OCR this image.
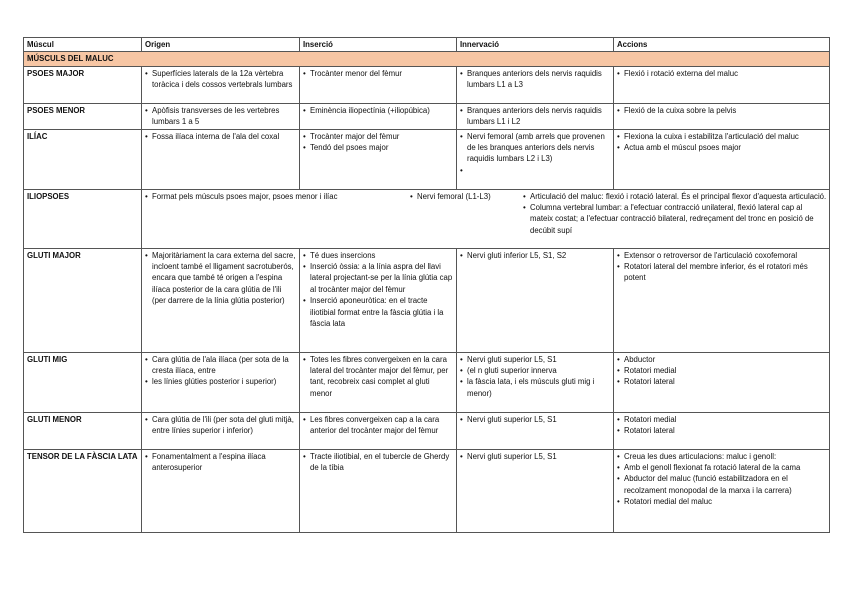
Múscul	Origen	Inserció	Innervació	Accions
MÚSCULS DEL MALUC
PSOES MAJOR	
•Superfícies laterals de la 12a vèrtebra toràcica i dels cossos vertebrals lumbars

• Trocànter menor del fèmur

•Branques anteriors dels nervis raquidis lumbars L1 a L3

• Flexió i rotació externa del maluc

PSOES MENOR	
•Apòfisis transverses de les vertebres lumbars 1 a 5

• Eminència iliopectínia (+iliopúbica)

•Branques anteriors dels nervis raquidis lumbars L1 i L2

• Flexió de la cuixa sobre la pelvis

ILÍAC	
•Fossa ilíaca interna de l'ala del coxal

•Trocànter major del fèmur
• Tendó del psoes major

• Nervi femoral (amb arrels que provenen de les branques anteriors dels nervis raquidis lumbars L2 i L3)

• Flexiona la cuixa i estabilitza l'articulació del maluc
• Actua amb el múscul psoes major

ILIOPSOES	
•	Format pels músculs psoes major, psoes menor i ilíac

•Nervi femoral (L1-L3)

•Articulació del maluc: flexió i rotació lateral. És el principal flexor d'aquesta articulació.
• Columna vertebral lumbar: a l'efectuar contracció unilateral, flexió lateral cap al mateix costat; a l'efectuar contracció bilateral, redreçament del tronc en posició de decúbit supí

GLUTI MAJOR	
•Majoritàriament la cara externa del sacre, incloent també el lligament sacrotuberós, encara que també té origen a l'espina ilíaca posterior de la cara glútia de l'ili (per darrere de la línia glútia posterior)

• Té dues insercions
• Inserció òssia: a la línia aspra del llavi lateral projectant-se per la línia glútia cap al trocànter major del fèmur
• Inserció aponeuròtica: en el tracte iliotibial format entre la fàscia glútia i la fàscia lata

• Nervi gluti inferior L5, S1, S2

•Extensor o retroversor de l'articulació coxofemoral
• Rotatori lateral del membre inferior, és el rotatori més potent

GLUTI MIG	
•Cara glútia de l'ala ilíaca (per sota de la cresta ilíaca, entre
• les línies glúties posterior i superior)

• Totes les fibres convergeixen en la cara lateral del trocànter major del fèmur, per tant, recobreix casi complet al gluti menor

• Nervi gluti superior L5, S1
• (el n gluti superior innerva
• la fàscia lata, i els músculs gluti mig i menor)

• Abductor
• Rotatori medial
• Rotatori lateral

GLUTI MENOR	
•Cara glútia de l'ili (per sota del gluti mitjà, entre línies superior i inferior)

• Les fibres convergeixen cap a la cara anterior del trocànter major del fèmur

• Nervi gluti superior L5, S1

•Rotatori medial
• Rotatori lateral

TENSOR DE LA FÀSCIA LATA	
•Fonamentalment a l'espina ilíaca anterosuperior

• Tracte iliotibial, en el tubercle de Gherdy de la tíbia

• Nervi gluti superior L5, S1

•Creua les dues articulacions: maluc i genoll:
• Amb el genoll flexionat fa rotació lateral de la cama
• Abductor del maluc (funció estabilitzadora en el recolzament monopodal de la marxa i la carrera)
• Rotatori medial del maluc
